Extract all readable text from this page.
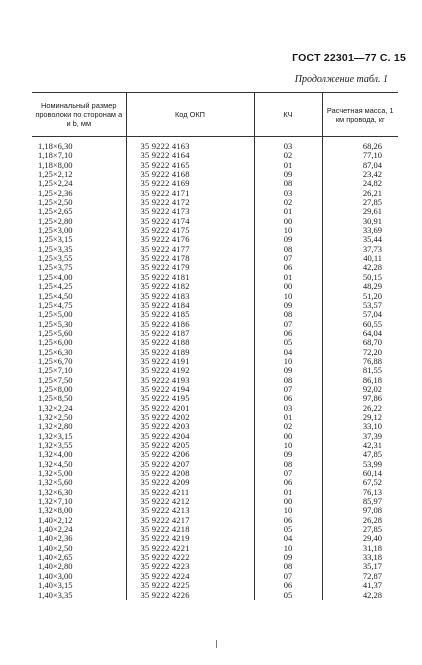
ГОСТ 22301—77 С. 15
Продолжение табл. 1
Номинальный размер проволоки по сторонам a и b, мм	Код ОКП	КЧ	Расчетная масса, 1 км провода, кг
1,18×6,30	35 9222 4163	03	68,26
1,18×7,10	35 9222 4164	02	77,10
1,18×8,00	35 9222 4165	01	87,04
1,25×2,12	35 9222 4168	09	23,42
1,25×2,24	35 9222 4169	08	24,82
1,25×2,36	35 9222 4171	03	26,21
1,25×2,50	35 9222 4172	02	27,85
1,25×2,65	35 9222 4173	01	29,61
1,25×2,80	35 9222 4174	00	30,91
1,25×3,00	35 9222 4175	10	33,69
1,25×3,15	35 9222 4176	09	35,44
1,25×3,35	35 9222 4177	08	37,73
1,25×3,55	35 9222 4178	07	40,11
1,25×3,75	35 9222 4179	06	42,28
1,25×4,00	35 9222 4181	01	50,15
1,25×4,25	35 9222 4182	00	48,29
1,25×4,50	35 9222 4183	10	51,20
1,25×4,75	35 9222 4184	09	53,57
1,25×5,00	35 9222 4185	08	57,04
1,25×5,30	35 9222 4186	07	60,55
1,25×5,60	35 9222 4187	06	64,04
1,25×6,00	35 9222 4188	05	68,70
1,25×6,30	35 9222 4189	04	72,20
1,25×6,70	35 9222 4191	10	76,88
1,25×7,10	35 9222 4192	09	81,55
1,25×7,50	35 9222 4193	08	86,18
1,25×8,00	35 9222 4194	07	92,02
1,25×8,50	35 9222 4195	06	97,86
1,32×2,24	35 9222 4201	03	26,22
1,32×2,50	35 9222 4202	01	29,12
1,32×2,80	35 9222 4203	02	33,10
1,32×3,15	35 9222 4204	00	37,39
1,32×3,55	35 9222 4205	10	42,31
1,32×4,00	35 9222 4206	09	47,85
1,32×4,50	35 9222 4207	08	53,99
1,32×5,00	35 9222 4208	07	60,14
1,32×5,60	35 9222 4209	06	67,52
1,32×6,30	35 9222 4211	01	76,13
1,32×7,10	35 9222 4212	00	85,97
1,32×8,00	35 9222 4213	10	97,08
1,40×2,12	35 9222 4217	06	26,28
1,40×2,24	35 9222 4218	05	27,85
1,40×2,36	35 9222 4219	04	29,40
1,40×2,50	35 9222 4221	10	31,18
1,40×2,65	35 9222 4222	09	33,18
1,40×2,80	35 9222 4223	08	35,17
1,40×3,00	35 9222 4224	07	72,87
1,40×3,15	35 9222 4225	06	41,37
1,40×3,35	35 9222 4226	05	42,28
